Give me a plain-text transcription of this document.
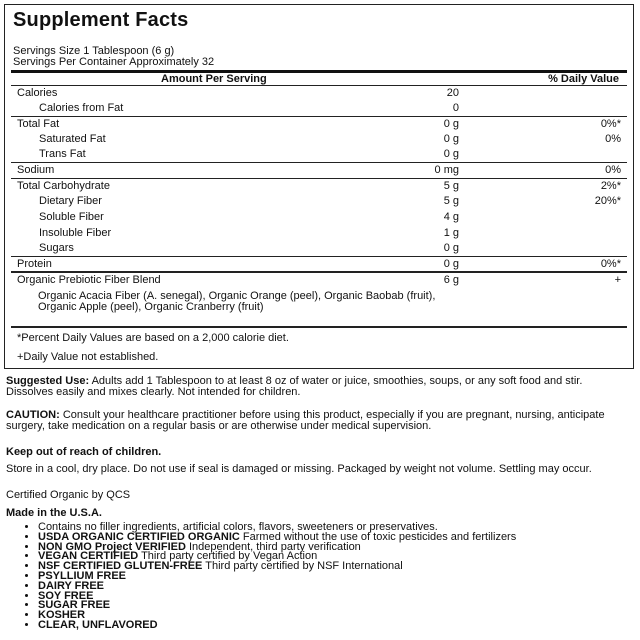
Supplement Facts
Servings Size 1 Tablespoon (6 g)
Servings Per Container Approximately 32
Amount Per Serving	% Daily Value
Calories	20
Calories from Fat	0
Total Fat	0 g	0%*
Saturated Fat	0 g	0%
Trans Fat	0 g
Sodium	0 mg	0%
Total Carbohydrate	5 g	2%*
Dietary Fiber	5 g	20%*
Soluble Fiber	4 g
Insoluble Fiber	1 g
Sugars	0 g
Protein	0 g	0%*
Organic Prebiotic Fiber Blend	6 g	+
Organic Acacia Fiber (A. senegal), Organic Orange (peel), Organic Baobab (fruit), Organic Apple (peel), Organic Cranberry (fruit)
*Percent Daily Values are based on a 2,000 calorie diet.
+Daily Value not established.
Suggested Use: Adults add 1 Tablespoon to at least 8 oz of water or juice, smoothies, soups, or any soft food and stir. Dissolves easily and mixes clearly. Not intended for children.
CAUTION: Consult your healthcare practitioner before using this product, especially if you are pregnant, nursing, anticipate surgery, take medication on a regular basis or are otherwise under medical supervision.
Keep out of reach of children.
Store in a cool, dry place. Do not use if seal is damaged or missing. Packaged by weight not volume. Settling may occur.
Certified Organic by QCS
Made in the U.S.A.
• Contains no filler ingredients, artificial colors, flavors, sweeteners or preservatives.
• USDA ORGANIC CERTIFIED ORGANIC Farmed without the use of toxic pesticides and fertilizers
• NON GMO Project VERIFIED Independent, third party verification
• VEGAN CERTIFIED Third party certified by Vegan Action
• NSF CERTIFIED GLUTEN-FREE Third party certified by NSF International
• PSYLLIUM FREE
• DAIRY FREE
• SOY FREE
• SUGAR FREE
• KOSHER
• CLEAR, UNFLAVORED
